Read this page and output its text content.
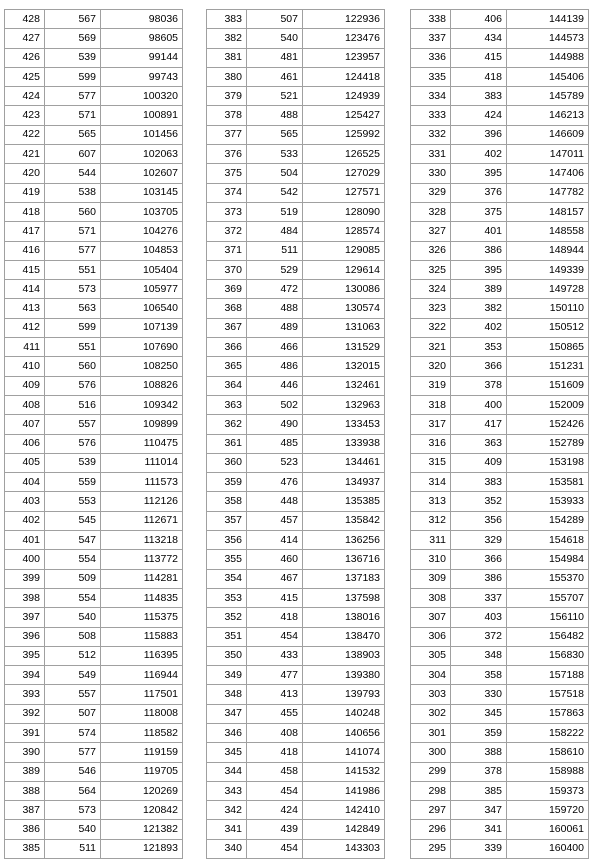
428	567	98036
427	569	98605
426	539	99144
425	599	99743
424	577	100320
423	571	100891
422	565	101456
421	607	102063
420	544	102607
419	538	103145
418	560	103705
417	571	104276
416	577	104853
415	551	105404
414	573	105977
413	563	106540
412	599	107139
411	551	107690
410	560	108250
409	576	108826
408	516	109342
407	557	109899
406	576	110475
405	539	111014
404	559	111573
403	553	112126
402	545	112671
401	547	113218
400	554	113772
399	509	114281
398	554	114835
397	540	115375
396	508	115883
395	512	116395
394	549	116944
393	557	117501
392	507	118008
391	574	118582
390	577	119159
389	546	119705
388	564	120269
387	573	120842
386	540	121382
385	511	121893
383	507	122936
382	540	123476
381	481	123957
380	461	124418
379	521	124939
378	488	125427
377	565	125992
376	533	126525
375	504	127029
374	542	127571
373	519	128090
372	484	128574
371	511	129085
370	529	129614
369	472	130086
368	488	130574
367	489	131063
366	466	131529
365	486	132015
364	446	132461
363	502	132963
362	490	133453
361	485	133938
360	523	134461
359	476	134937
358	448	135385
357	457	135842
356	414	136256
355	460	136716
354	467	137183
353	415	137598
352	418	138016
351	454	138470
350	433	138903
349	477	139380
348	413	139793
347	455	140248
346	408	140656
345	418	141074
344	458	141532
343	454	141986
342	424	142410
341	439	142849
340	454	143303
338	406	144139
337	434	144573
336	415	144988
335	418	145406
334	383	145789
333	424	146213
332	396	146609
331	402	147011
330	395	147406
329	376	147782
328	375	148157
327	401	148558
326	386	148944
325	395	149339
324	389	149728
323	382	150110
322	402	150512
321	353	150865
320	366	151231
319	378	151609
318	400	152009
317	417	152426
316	363	152789
315	409	153198
314	383	153581
313	352	153933
312	356	154289
311	329	154618
310	366	154984
309	386	155370
308	337	155707
307	403	156110
306	372	156482
305	348	156830
304	358	157188
303	330	157518
302	345	157863
301	359	158222
300	388	158610
299	378	158988
298	385	159373
297	347	159720
296	341	160061
295	339	160400
